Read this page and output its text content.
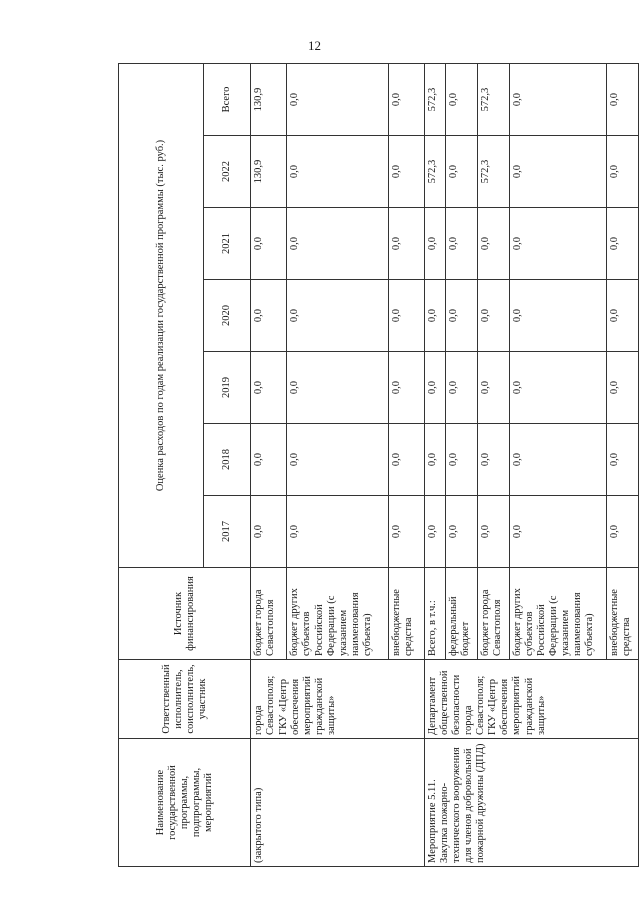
12
Наименование государственной программы, подпрограммы, мероприятий	Ответственный исполнитель, соисполнитель, участник	Источник финансирования	Оценка расходов по годам реализации государственной программы (тыс. руб.)						
			2017	2018	2019	2020	2021	2022	Всего
(закрытого типа)	города Севастополя; ГКУ «Центр обеспечения мероприятий гражданской защиты»	бюджет города Севастополя	0,0	0,0	0,0	0,0	0,0	130,9	130,9
		бюджет других субъектов Российской Федерации (с указанием наименования субъекта)	0,0	0,0	0,0	0,0	0,0	0,0	0,0
		внебюджетные средства	0,0	0,0	0,0	0,0	0,0	0,0	0,0
Мероприятие 5.11. Закупка пожарно-технического вооружения для членов добровольной пожарной дружины (ДПД)	Департамент общественной безопасности города Севастополя; ГКУ «Центр обеспечения мероприятий гражданской защиты»	Всего, в т.ч.:	0,0	0,0	0,0	0,0	0,0	572,3	572,3
		федеральный бюджет	0,0	0,0	0,0	0,0	0,0	0,0	0,0
		бюджет города Севастополя	0,0	0,0	0,0	0,0	0,0	572,3	572,3
		бюджет других субъектов Российской Федерации (с указанием наименования субъекта)	0,0	0,0	0,0	0,0	0,0	0,0	0,0
		внебюджетные средства	0,0	0,0	0,0	0,0	0,0	0,0	0,0
